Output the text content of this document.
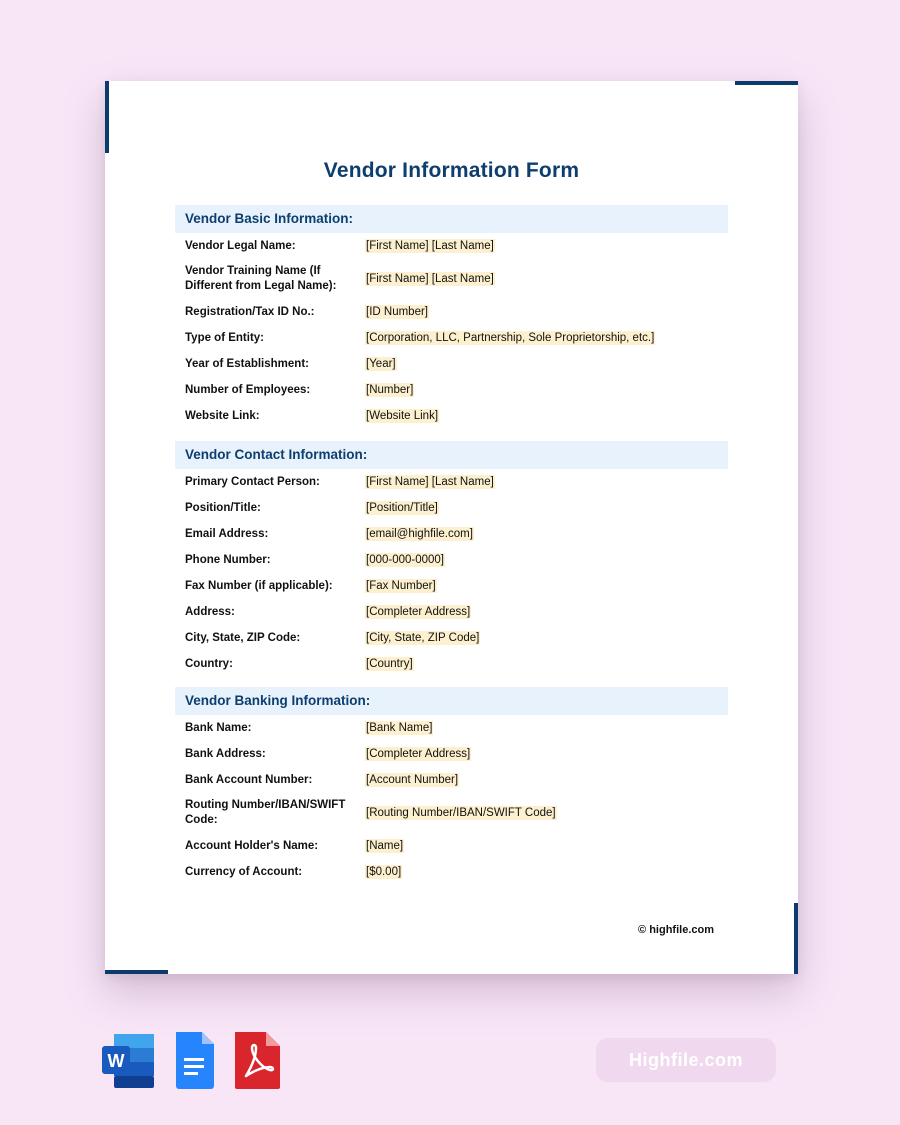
Vendor Information Form
Vendor Basic Information:
Vendor Legal Name:	[First Name] [Last Name]
Vendor Training Name (If Different from Legal Name):
[First Name] [Last Name]
Registration/Tax ID No.:	[ID Number]
Type of Entity:	[Corporation, LLC, Partnership, Sole Proprietorship, etc.]
Year of Establishment:	[Year]
Number of Employees:	[Number]
Website Link:	[Website Link]
Vendor Contact Information:
Primary Contact Person:	[First Name] [Last Name]
Position/Title:	[Position/Title]
Email Address:	[email@highfile.com]
Phone Number:	[000-000-0000]
Fax Number (if applicable):	[Fax Number]
Address:	[Completer Address]
City, State, ZIP Code:	[City, State, ZIP Code]
Country:	[Country]
Vendor Banking Information:
Bank Name:	[Bank Name]
Bank Address:	[Completer Address]
Bank Account Number:	[Account Number]
Routing Number/IBAN/SWIFT Code:
[Routing Number/IBAN/SWIFT Code]
Account Holder's Name:	[Name]
Currency of Account:	[$0.00]
© highfile.com
W	Highfile.com
